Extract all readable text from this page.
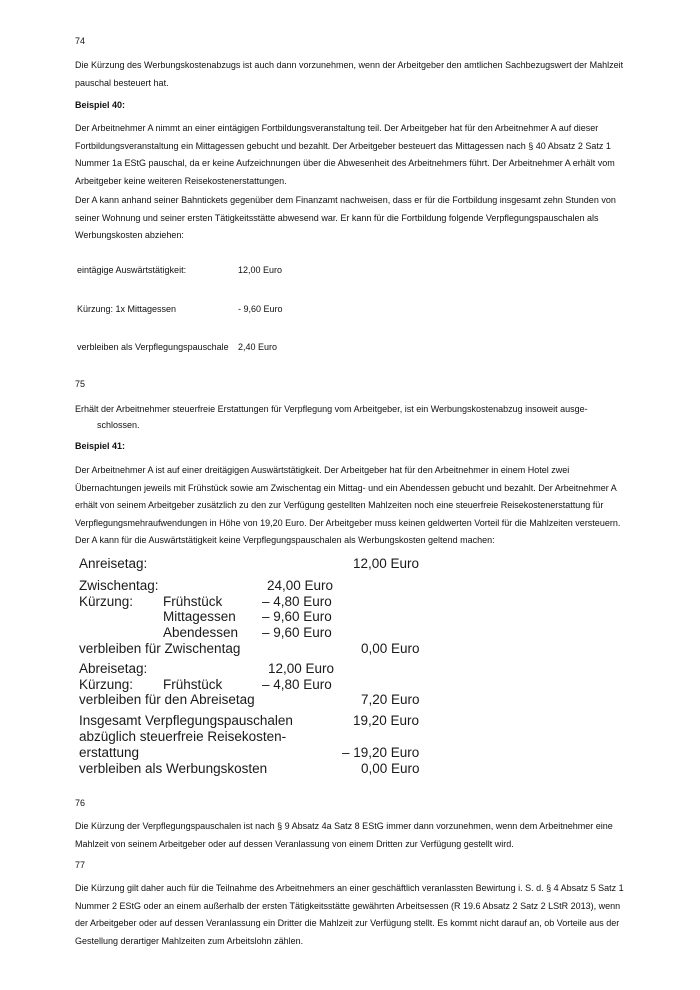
74

Die Kürzung des Werbungskostenabzugs ist auch dann vorzunehmen, wenn der Arbeitgeber den amtlichen Sachbezugswert der Mahlzeit pauschal besteuert hat.

Beispiel 40:

Der Arbeitnehmer A nimmt an einer eintägigen Fortbildungsveranstaltung teil. Der Arbeitgeber hat für den Arbeitnehmer A auf dieser Fortbildungsveranstaltung ein Mittagessen gebucht und bezahlt. Der Arbeitgeber besteuert das Mittagessen nach § 40 Absatz 2 Satz 1 Nummer 1a EStG pauschal, da er keine Aufzeichnungen über die Abwesenheit des Arbeitnehmers führt. Der Arbeitnehmer A erhält vom Arbeitgeber keine weiteren Reisekostenerstattungen.

Der A kann anhand seiner Bahntickets gegenüber dem Finanzamt nachweisen, dass er für die Fortbildung insgesamt zehn Stunden von seiner Wohnung und seiner ersten Tätigkeitsstätte abwesend war. Er kann für die Fortbildung folgende Verpflegungspauschalen als Werbungskosten abziehen:

eintägige Auswärtstätigkeit:	12,00 Euro
Kürzung: 1x Mittagessen	- 9,60 Euro
verbleiben als Verpflegungspauschale 2,40 Euro
75
Erhält der Arbeitnehmer steuerfreie Erstattungen für Verpflegung vom Arbeitgeber, ist ein Werbungskostenabzug insoweit ausge-
schlossen.
Beispiel 41:

Der Arbeitnehmer A ist auf einer dreitägigen Auswärtstätigkeit. Der Arbeitgeber hat für den Arbeitnehmer in einem Hotel zwei Übernachtungen jeweils mit Frühstück sowie am Zwischentag ein Mittag- und ein Abendessen gebucht und bezahlt. Der Arbeitnehmer A erhält von seinem Arbeitgeber zusätzlich zu den zur Verfügung gestellten Mahlzeiten noch eine steuerfreie Reisekostenerstattung für Verpflegungsmehraufwendungen in Höhe von 19,20 Euro. Der Arbeitgeber muss keinen geldwerten Vorteil für die Mahlzeiten versteuern. Der A kann für die Auswärtstätigkeit keine Verpflegungspauschalen als Werbungskosten geltend machen:

Anreisetag:	12,00 Euro
Zwischentag:	24,00 Euro
Kürzung: Frühstück	– 4,80 Euro
Mittagessen – 9,60 Euro
Abendessen – 9,60 Euro
verbleiben für Zwischentag	0,00 Euro
Abreisetag:	12,00 Euro
Kürzung: Frühstück	– 4,80 Euro
verbleiben für den Abreisetag	7,20 Euro
Insgesamt Verpflegungspauschalen	19,20 Euro
abzüglich steuerfreie Reisekosten-
erstattung	– 19,20 Euro
verbleiben als Werbungskosten	0,00 Euro
76

Die Kürzung der Verpflegungspauschalen ist nach § 9 Absatz 4a Satz 8 EStG immer dann vorzunehmen, wenn dem Arbeitnehmer eine Mahlzeit von seinem Arbeitgeber oder auf dessen Veranlassung von einem Dritten zur Verfügung gestellt wird.

77

Die Kürzung gilt daher auch für die Teilnahme des Arbeitnehmers an einer geschäftlich veranlassten Bewirtung i. S. d. § 4 Absatz 5 Satz 1 Nummer 2 EStG oder an einem außerhalb der ersten Tätigkeitsstätte gewährten Arbeitsessen (R 19.6 Absatz 2 Satz 2 LStR 2013), wenn der Arbeitgeber oder auf dessen Veranlassung ein Dritter die Mahlzeit zur Verfügung stellt. Es kommt nicht darauf an, ob Vorteile aus der Gestellung derartiger Mahlzeiten zum Arbeitslohn zählen.
